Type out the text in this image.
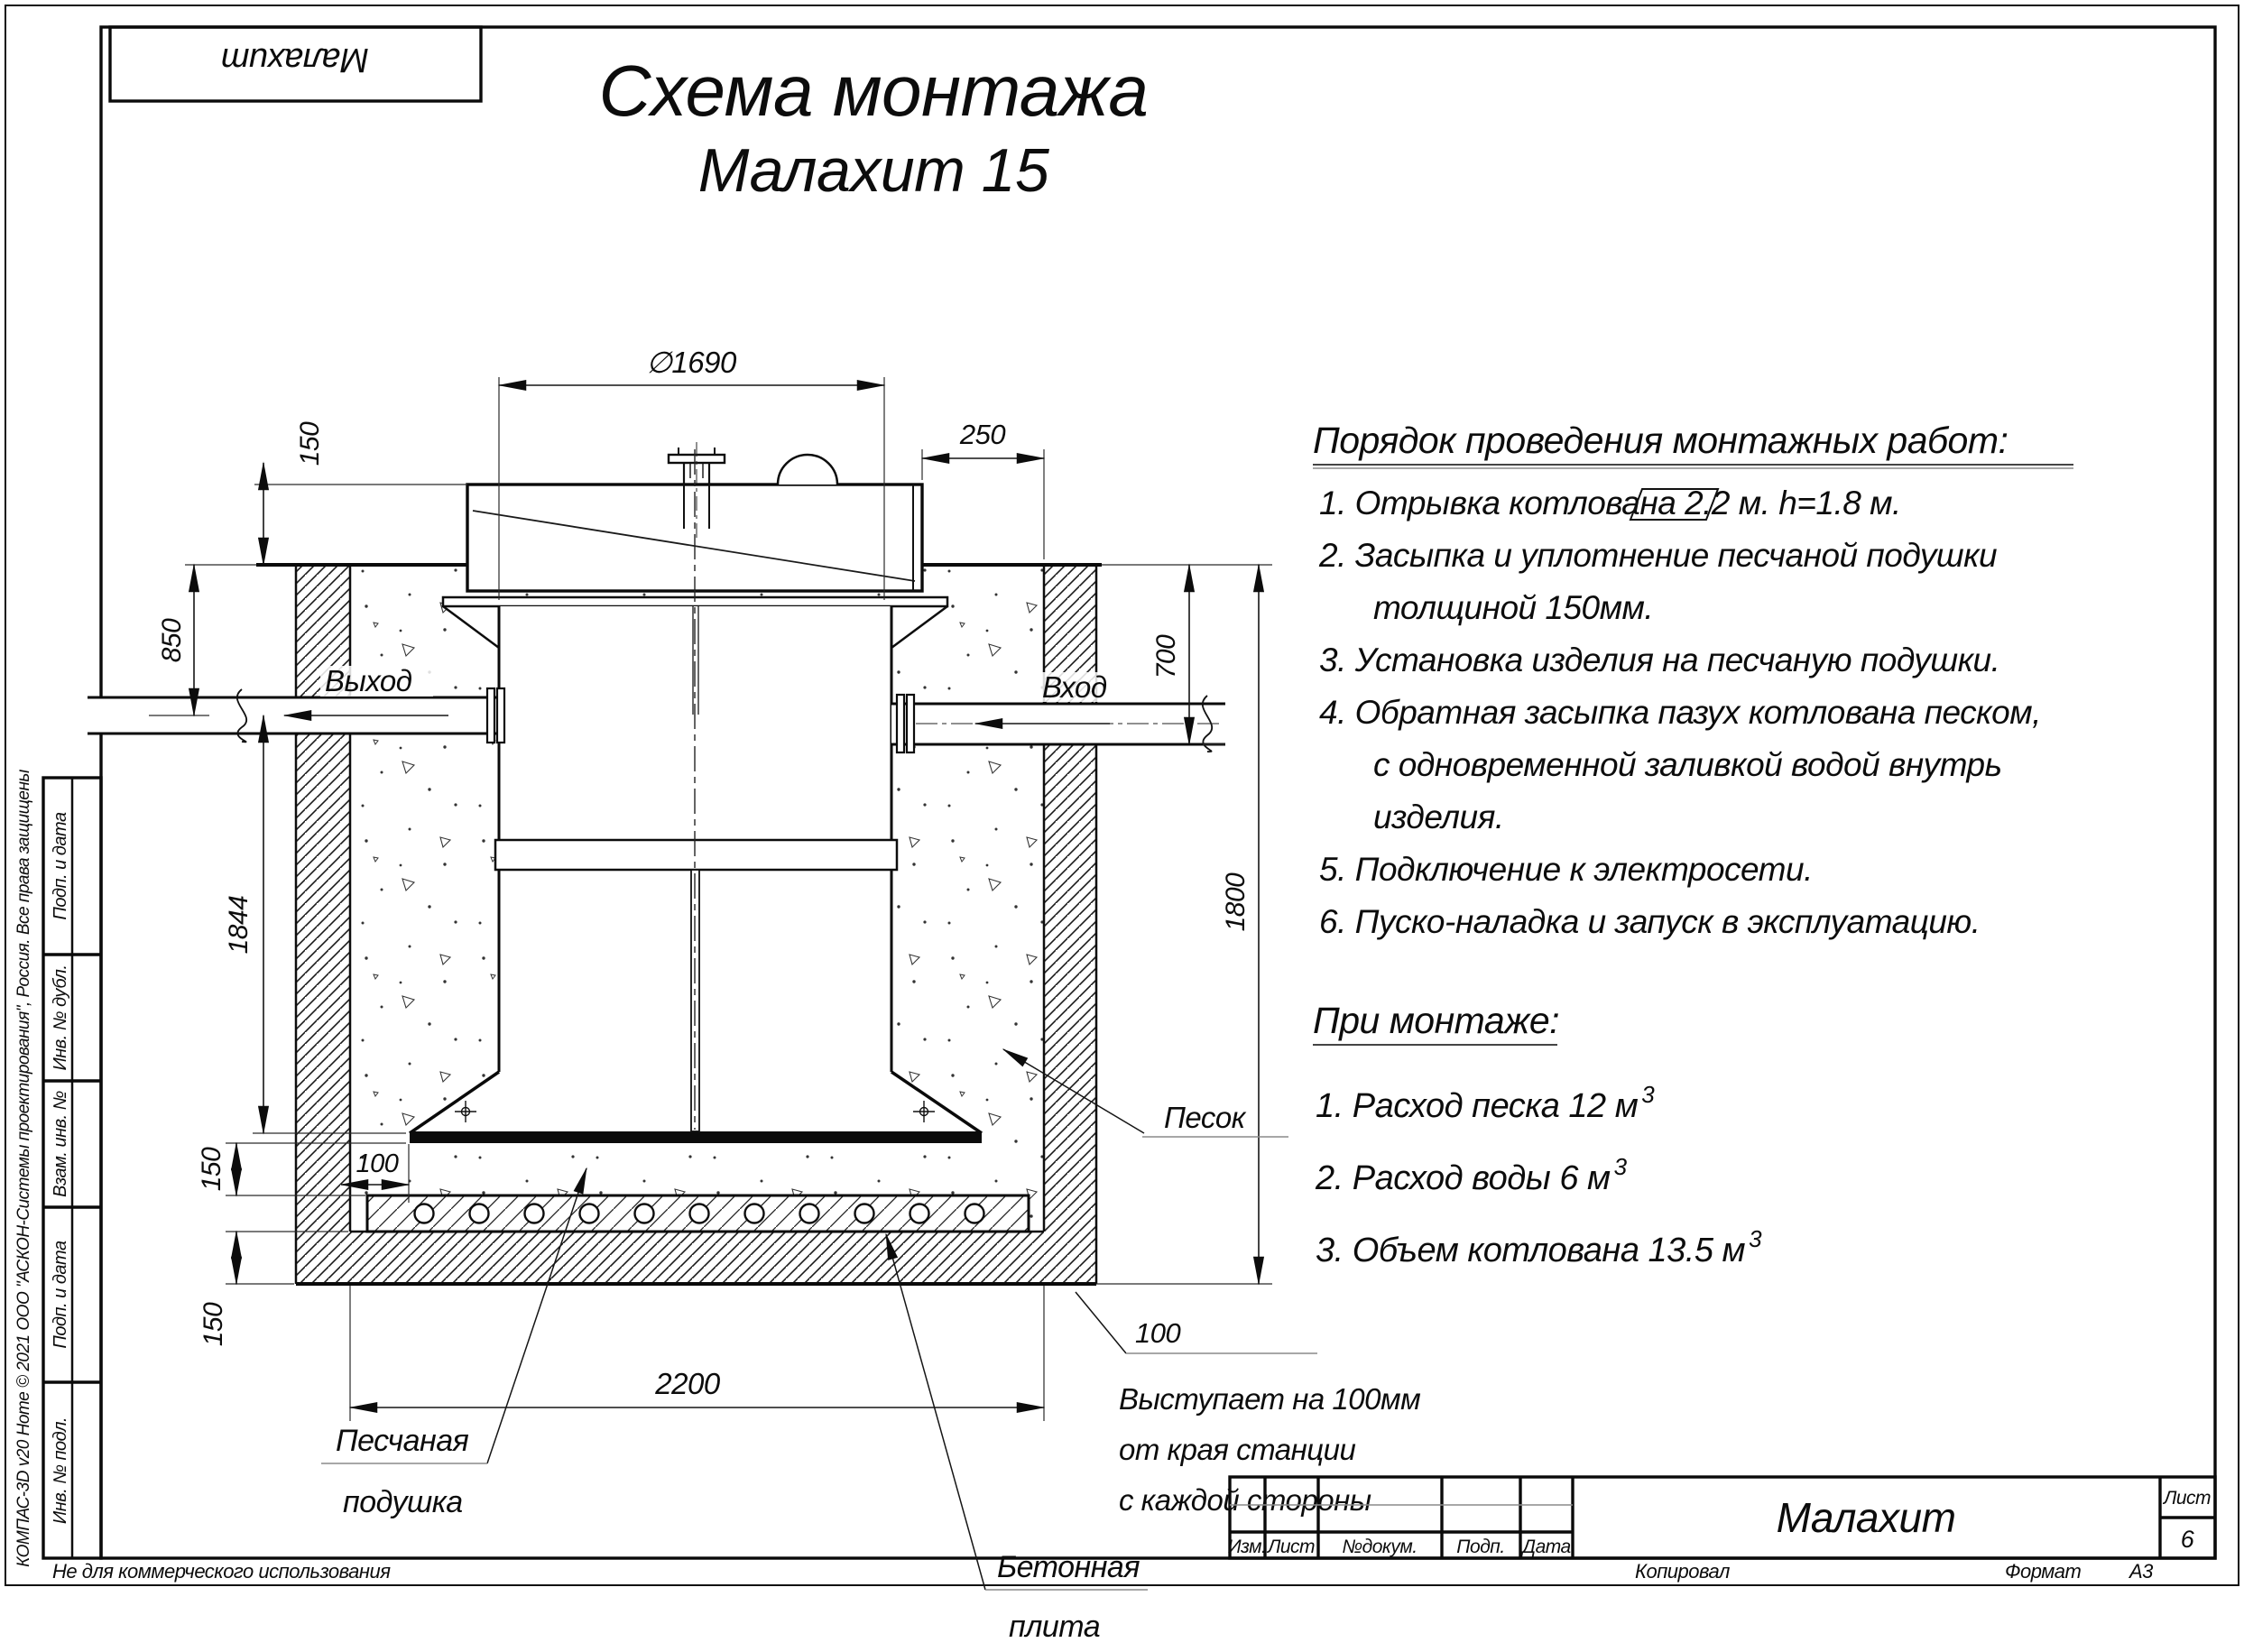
Малахит
КОМПАС-3D v20 Home © 2021 ООО "АСКОН-Системы проектирования", Россия. Все права защищены Подп. и дата
Инв. № дубл.
Взам. инв. №
Подп. и дата
Инв. № подл.
Схема монтажа
Малахит 15
Выход	Вход
∅1690
250
150
850
1844
150
150
100
2200
700
1800
Песок
100
Выступает на 100мм
от края станции
с каждой стороны
Песчаная
подушка
Бетонная
плита
Порядок проведения монтажных работ:
1. Отрывка котлована 2.2 м. h=1.8 м.
2. Засыпка и уплотнение песчаной подушки
толщиной 150мм.
3. Установка изделия на песчаную подушки.
4. Обратная засыпка пазух котлована песком,
с одновременной заливкой водой внутрь
изделия.
5. Подключение к электросети.
6. Пуско-наладка и запуск в эксплуатацию.
При монтаже:
1. Расход песка 12 м $^3$
2. Расход воды 6 м $^3$
3. Объем котлована 13.5 м $^3$
Изм. Лист №докум. Подп. Дата
Малахит	Лист
6
Не для коммерческого использования	Копировал	Формат А3
